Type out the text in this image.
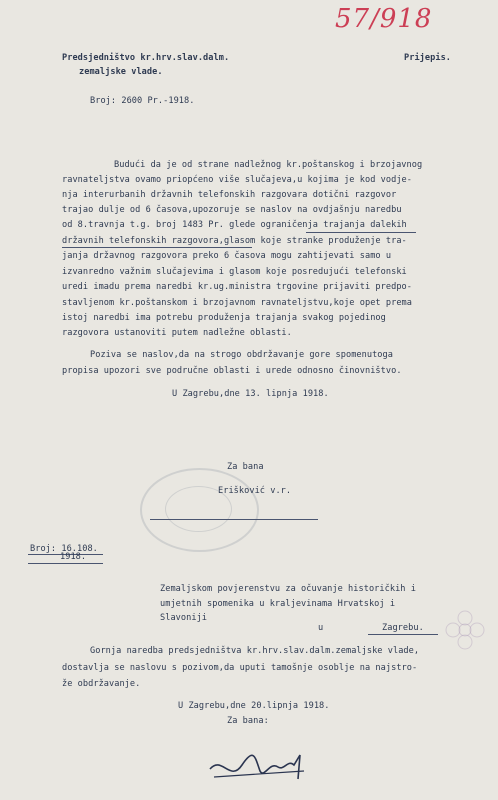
57/918
Predsjedništvo kr.hrv.slav.dalm.
zemaljske vlade.
Prijepis.
Broj: 2600 Pr.-1918.
Budući da je od strane nadležnog kr.poštanskog i brzojavnog
ravnateljstva ovamo priopćeno više slučajeva,u kojima je kod vodje-
nja interurbanih državnih telefonskih razgovara dotični razgovor
trajao dulje od 6 časova,upozoruje se naslov na ovdjašnju naredbu
od 8.travnja t.g. broj 1483 Pr. glede ograničenja trajanja dalekih
državnih telefonskih razgovora,glasom koje stranke produženje tra-
janja državnog razgovora preko 6 časova mogu zahtijevati samo u
izvanredno važnim slučajevima i glasom koje posredujući telefonski
uredi imadu prema naredbi kr.ug.ministra trgovine prijaviti predpo-
stavljenom kr.poštanskom i brzojavnom ravnateljstvu,koje opet prema
istoj naredbi ima potrebu produženja trajanja svakog pojedinog
razgovora ustanoviti putem nadležne oblasti.
Poziva se naslov,da na strogo obdržavanje gore spomenutoga
propisa upozori sve područne oblasti i urede odnosno činovništvo.
U Zagrebu,dne 13. lipnja 1918.
Za bana
Erišković v.r.
Broj: 16.108.
1918.
Zemaljskom povjerenstvu za očuvanje historičkih i
umjetnih spomenika u kraljevinama Hrvatskoj i
Slavoniji
u	Zagrebu.
Gornja naredba predsjedništva kr.hrv.slav.dalm.zemaljske vlade,
dostavlja se naslovu s pozivom,da uputi tamošnje osoblje na najstro-
že obdržavanje.
U Zagrebu,dne 20.lipnja 1918.
Za bana:
